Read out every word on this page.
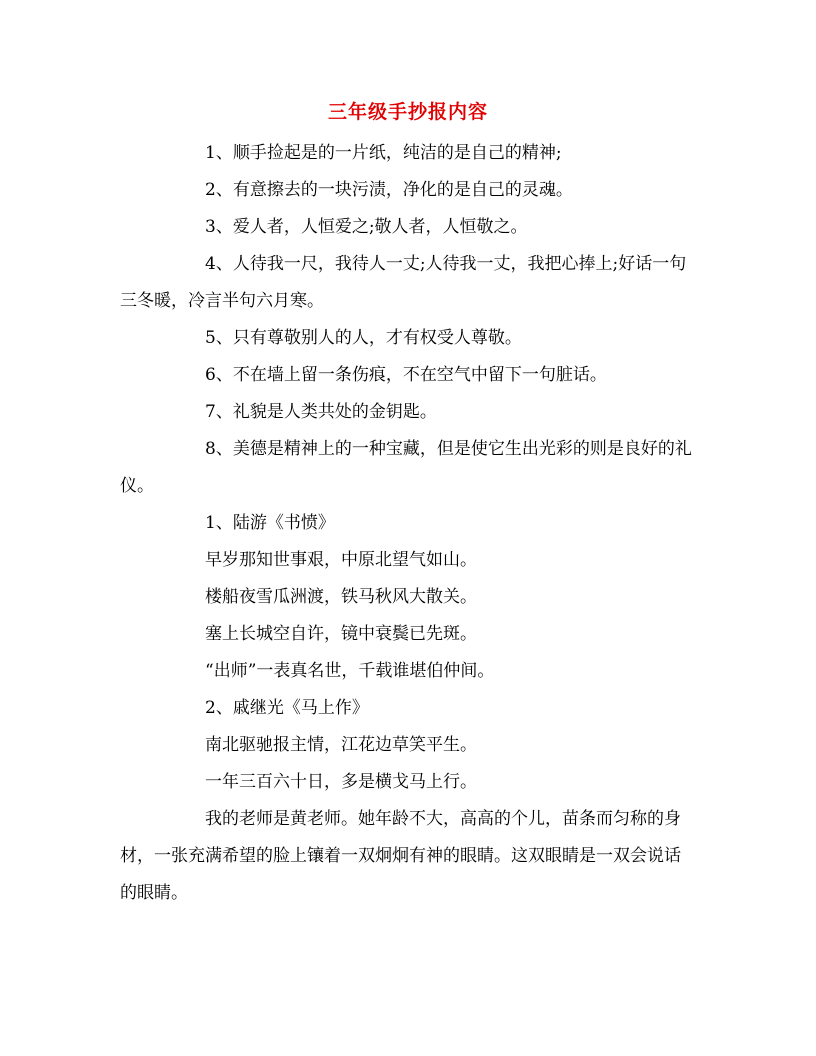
三年级手抄报内容

1、顺手捡起是的一片纸，纯洁的是自己的精神;

2、有意擦去的一块污渍，净化的是自己的灵魂。

3、爱人者，人恒爱之;敬人者，人恒敬之。

4、人待我一尺，我待人一丈;人待我一丈，我把心捧上;好话一句三冬暖，冷言半句六月寒。

5、只有尊敬别人的人，才有权受人尊敬。

6、不在墙上留一条伤痕，不在空气中留下一句脏话。

7、礼貌是人类共处的金钥匙。

8、美德是精神上的一种宝藏，但是使它生出光彩的则是良好的礼仪。

1、陆游《书愤》

早岁那知世事艰，中原北望气如山。

楼船夜雪瓜洲渡，铁马秋风大散关。

塞上长城空自许，镜中衰鬓已先斑。

“出师”一表真名世，千载谁堪伯仲间。

2、戚继光《马上作》

南北驱驰报主情，江花边草笑平生。

一年三百六十日，多是横戈马上行。

我的老师是黄老师。她年龄不大，高高的个儿，苗条而匀称的身材，一张充满希望的脸上镶着一双炯炯有神的眼睛。这双眼睛是一双会说话的眼睛。
